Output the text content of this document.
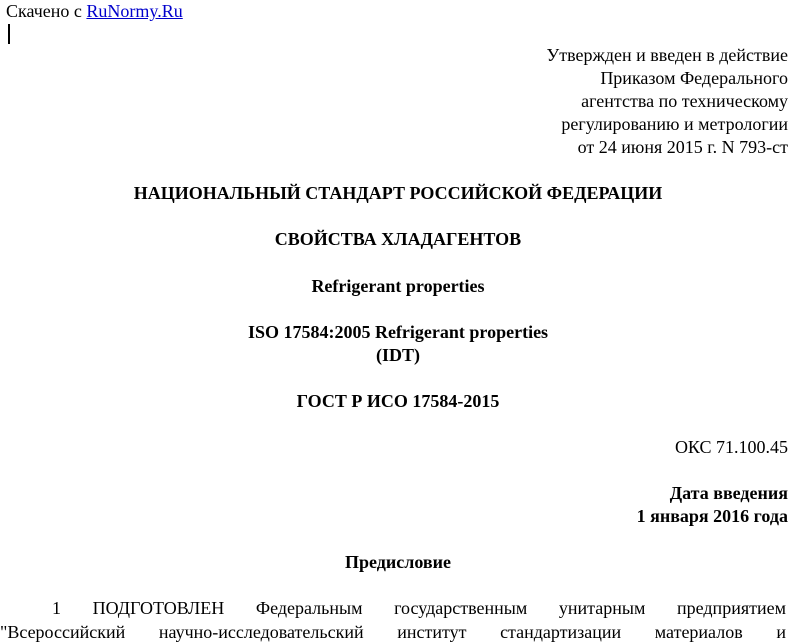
Скачено с RuNormy.Ru
Утвержден и введен в действие
Приказом Федерального
агентства по техническому
регулированию и метрологии
от 24 июня 2015 г. N 793-ст
НАЦИОНАЛЬНЫЙ СТАНДАРТ РОССИЙСКОЙ ФЕДЕРАЦИИ
СВОЙСТВА ХЛАДАГЕНТОВ
Refrigerant properties
ISO 17584:2005 Refrigerant properties
(IDT)
ГОСТ Р ИСО 17584-2015
ОКС 71.100.45
Дата введения
1 января 2016 года
Предисловие
1 ПОДГОТОВЛЕН Федеральным государственным унитарным предприятием
"Всероссийский научно-исследовательский институт стандартизации материалов и
